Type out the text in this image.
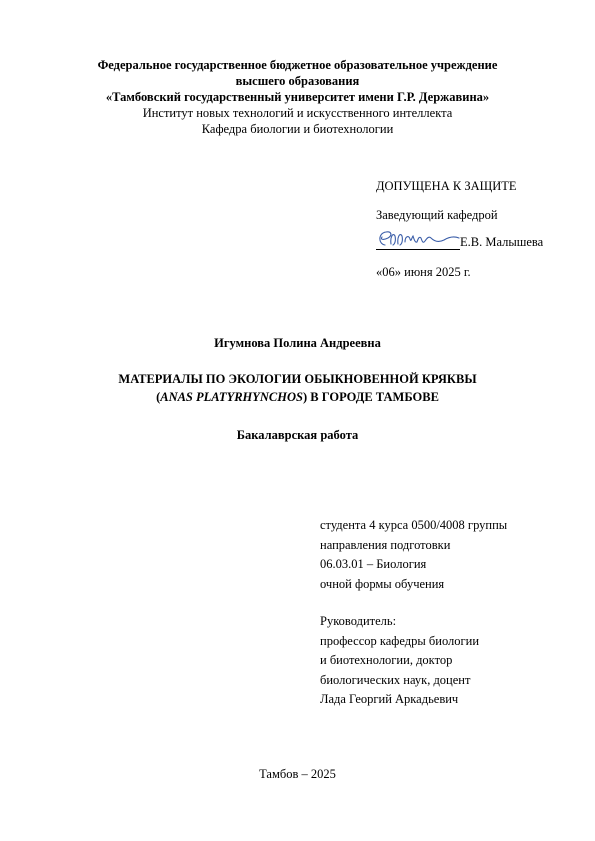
Федеральное государственное бюджетное образовательное учреждение
высшего образования
«Тамбовский государственный университет имени Г.Р. Державина»
Институт новых технологий и искусственного интеллекта
Кафедра биологии и биотехнологии
ДОПУЩЕНА К ЗАЩИТЕ
Заведующий кафедрой
Е.В. Малышева
«06» июня 2025 г.
Игумнова Полина Андреевна
МАТЕРИАЛЫ ПО ЭКОЛОГИИ ОБЫКНОВЕННОЙ КРЯКВЫ
(ANAS PLATYRHYNCHOS) В ГОРОДЕ ТАМБОВЕ
Бакалаврская работа
студента 4 курса 0500/4008 группы
направления подготовки
06.03.01 – Биология
очной формы обучения
Руководитель:
профессор кафедры биологии
и биотехнологии, доктор
биологических наук, доцент
Лада Георгий Аркадьевич
Тамбов – 2025
